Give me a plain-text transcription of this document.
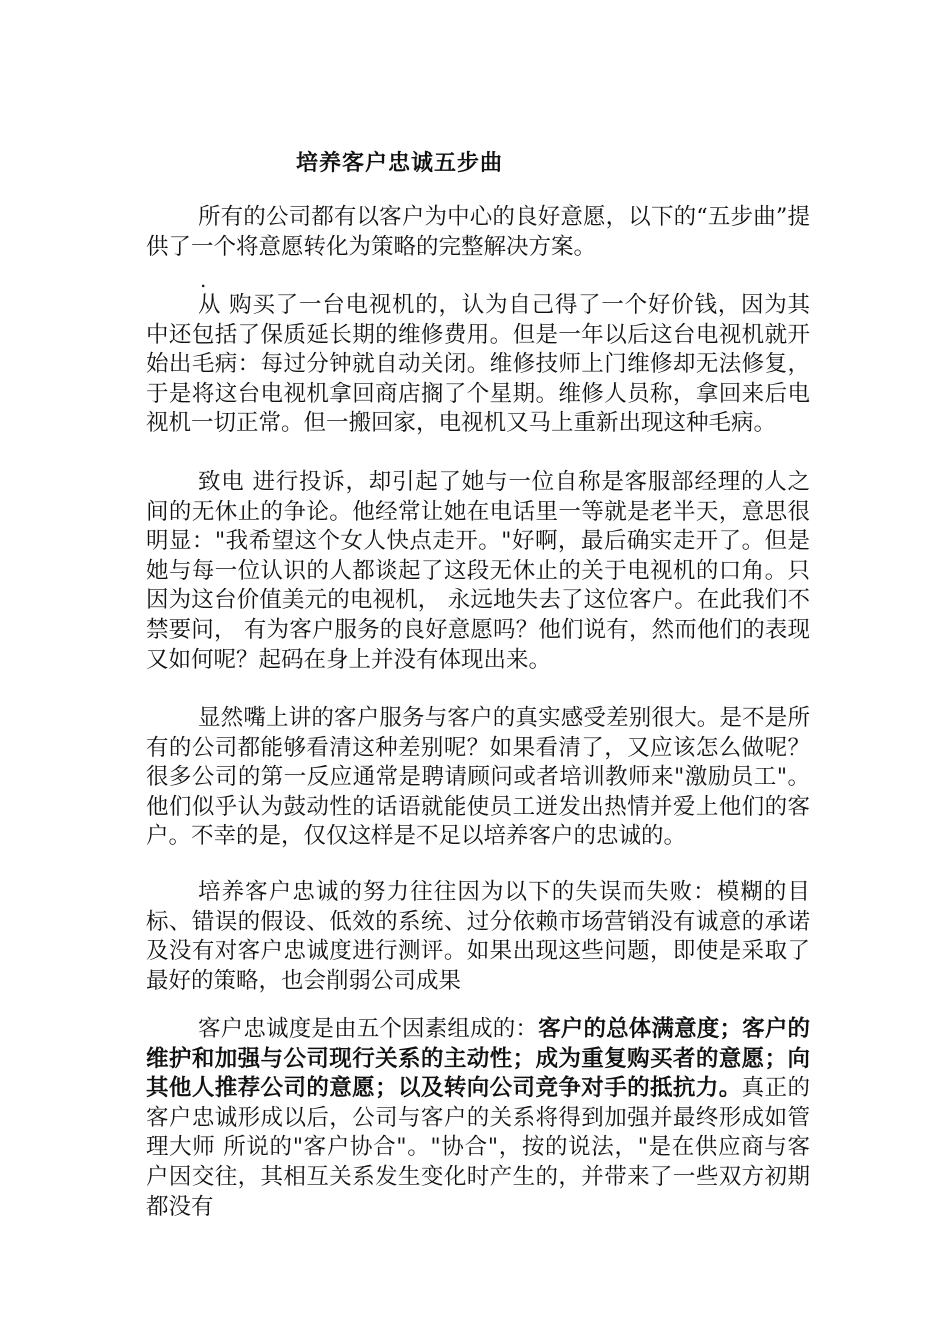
培养客户忠诚五步曲

所有的公司都有以客户为中心的良好意愿，以下的“五步曲”提供了一个将意愿转化为策略的完整解决方案。

.

从 购买了一台电视机的，认为自己得了一个好价钱，因为其中还包括了保质延长期的维修费用。但是一年以后这台电视机就开始出毛病：每过分钟就自动关闭。维修技师上门维修却无法修复，于是将这台电视机拿回商店搁了个星期。维修人员称，拿回来后电视机一切正常。但一搬回家，电视机又马上重新出现这种毛病。

致电 进行投诉，却引起了她与一位自称是客服部经理的人之间的无休止的争论。他经常让她在电话里一等就是老半天，意思很明显："我希望这个女人快点走开。"好啊，最后确实走开了。但是她与每一位认识的人都谈起了这段无休止的关于电视机的口角。只因为这台价值美元的电视机， 永远地失去了这位客户。在此我们不禁要问， 有为客户服务的良好意愿吗？他们说有，然而他们的表现又如何呢？起码在身上并没有体现出来。

显然嘴上讲的客户服务与客户的真实感受差别很大。是不是所有的公司都能够看清这种差别呢？如果看清了，又应该怎么做呢？很多公司的第一反应通常是聘请顾问或者培训教师来"激励员工"。他们似乎认为鼓动性的话语就能使员工迸发出热情并爱上他们的客户。不幸的是，仅仅这样是不足以培养客户的忠诚的。

培养客户忠诚的努力往往因为以下的失误而失败：模糊的目标、错误的假设、低效的系统、过分依赖市场营销没有诚意的承诺及没有对客户忠诚度进行测评。如果出现这些问题，即使是采取了最好的策略，也会削弱公司成果

客户忠诚度是由五个因素组成的：客户的总体满意度；客户的维护和加强与公司现行关系的主动性；成为重复购买者的意愿；向其他人推荐公司的意愿；以及转向公司竞争对手的抵抗力。真正的客户忠诚形成以后，公司与客户的关系将得到加强并最终形成如管理大师 所说的"客户协合"。"协合"，按的说法，"是在供应商与客户因交往，其相互关系发生变化时产生的，并带来了一些双方初期都没有
